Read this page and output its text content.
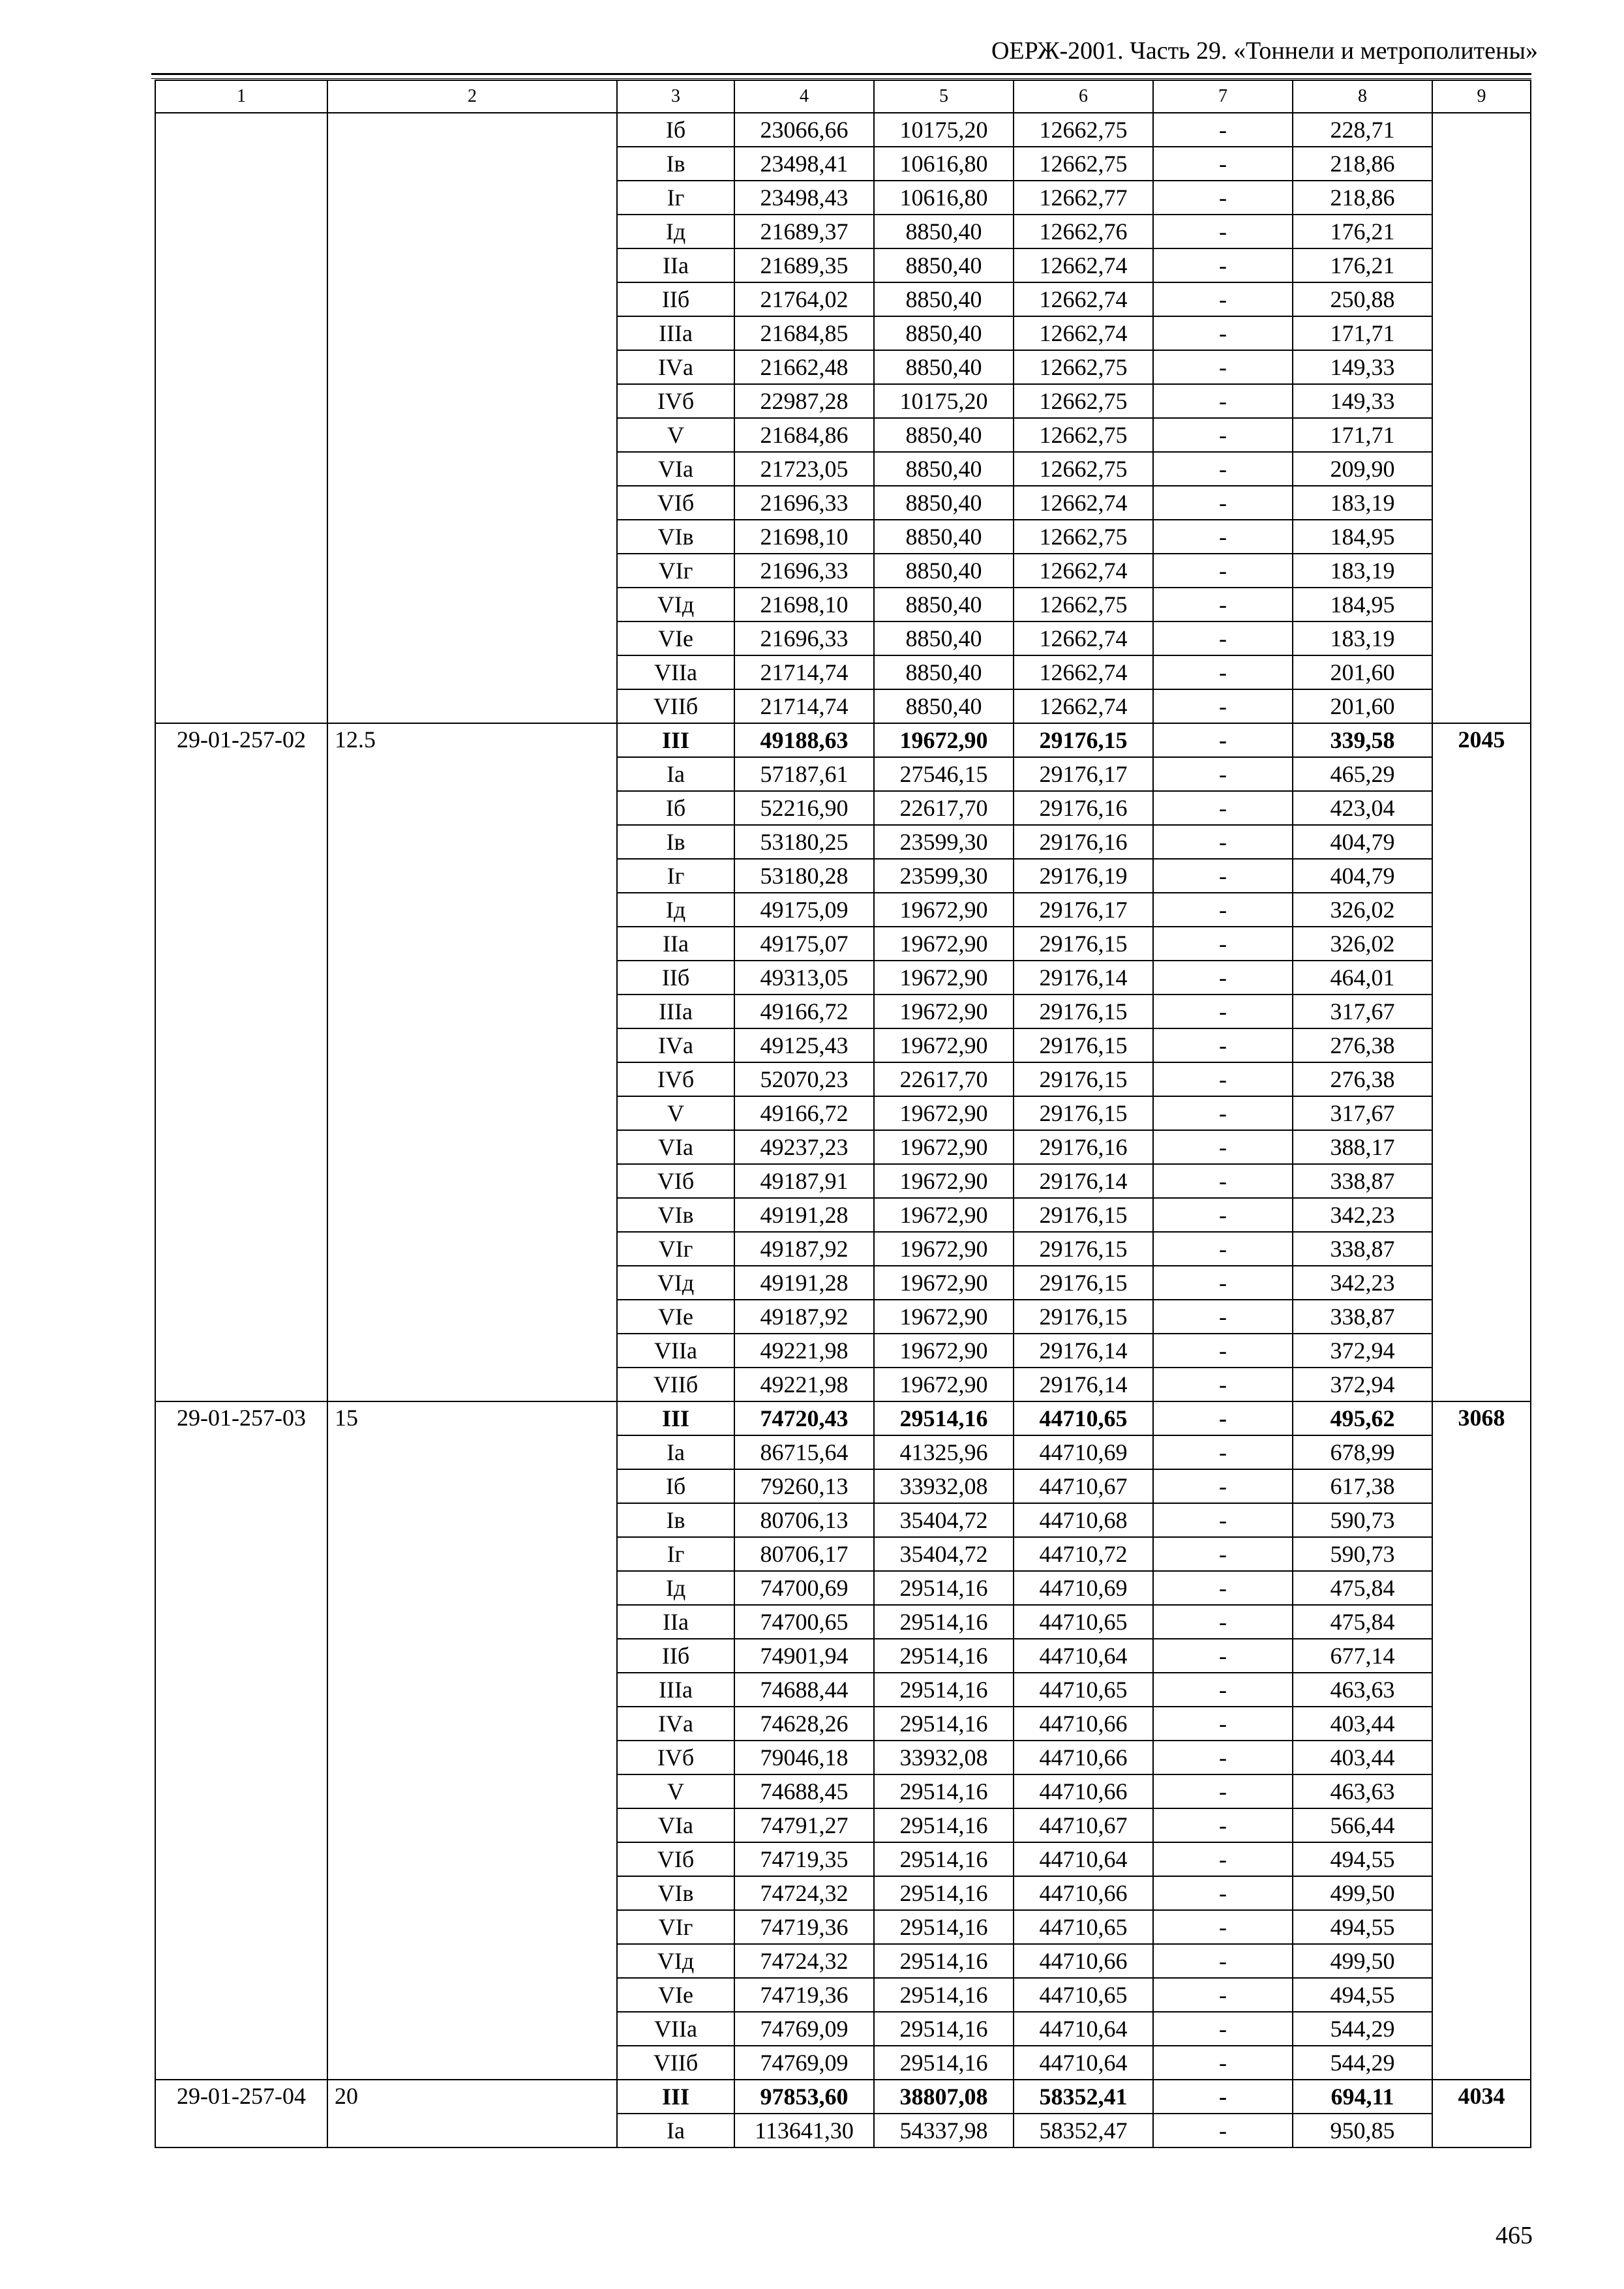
ОЕРЖ-2001. Часть 29. «Тоннели и метрополитены»
1	2	3	4	5	6	7	8	9
		Iб	23066,66	10175,20	12662,75	-	228,71	
		Iв	23498,41	10616,80	12662,75	-	218,86	
		Iг	23498,43	10616,80	12662,77	-	218,86	
		Iд	21689,37	8850,40	12662,76	-	176,21	
		IIа	21689,35	8850,40	12662,74	-	176,21	
		IIб	21764,02	8850,40	12662,74	-	250,88	
		IIIа	21684,85	8850,40	12662,74	-	171,71	
		IVа	21662,48	8850,40	12662,75	-	149,33	
		IVб	22987,28	10175,20	12662,75	-	149,33	
		V	21684,86	8850,40	12662,75	-	171,71	
		VIа	21723,05	8850,40	12662,75	-	209,90	
		VIб	21696,33	8850,40	12662,74	-	183,19	
		VIв	21698,10	8850,40	12662,75	-	184,95	
		VIг	21696,33	8850,40	12662,74	-	183,19	
		VIд	21698,10	8850,40	12662,75	-	184,95	
		VIе	21696,33	8850,40	12662,74	-	183,19	
		VIIа	21714,74	8850,40	12662,74	-	201,60	
		VIIб	21714,74	8850,40	12662,74	-	201,60	
29-01-257-02	12.5	III	49188,63	19672,90	29176,15	-	339,58	2045
		Iа	57187,61	27546,15	29176,17	-	465,29	
		Iб	52216,90	22617,70	29176,16	-	423,04	
		Iв	53180,25	23599,30	29176,16	-	404,79	
		Iг	53180,28	23599,30	29176,19	-	404,79	
		Iд	49175,09	19672,90	29176,17	-	326,02	
		IIа	49175,07	19672,90	29176,15	-	326,02	
		IIб	49313,05	19672,90	29176,14	-	464,01	
		IIIа	49166,72	19672,90	29176,15	-	317,67	
		IVа	49125,43	19672,90	29176,15	-	276,38	
		IVб	52070,23	22617,70	29176,15	-	276,38	
		V	49166,72	19672,90	29176,15	-	317,67	
		VIа	49237,23	19672,90	29176,16	-	388,17	
		VIб	49187,91	19672,90	29176,14	-	338,87	
		VIв	49191,28	19672,90	29176,15	-	342,23	
		VIг	49187,92	19672,90	29176,15	-	338,87	
		VIд	49191,28	19672,90	29176,15	-	342,23	
		VIе	49187,92	19672,90	29176,15	-	338,87	
		VIIа	49221,98	19672,90	29176,14	-	372,94	
		VIIб	49221,98	19672,90	29176,14	-	372,94	
29-01-257-03	15	III	74720,43	29514,16	44710,65	-	495,62	3068
		Iа	86715,64	41325,96	44710,69	-	678,99	
		Iб	79260,13	33932,08	44710,67	-	617,38	
		Iв	80706,13	35404,72	44710,68	-	590,73	
		Iг	80706,17	35404,72	44710,72	-	590,73	
		Iд	74700,69	29514,16	44710,69	-	475,84	
		IIа	74700,65	29514,16	44710,65	-	475,84	
		IIб	74901,94	29514,16	44710,64	-	677,14	
		IIIа	74688,44	29514,16	44710,65	-	463,63	
		IVа	74628,26	29514,16	44710,66	-	403,44	
		IVб	79046,18	33932,08	44710,66	-	403,44	
		V	74688,45	29514,16	44710,66	-	463,63	
		VIа	74791,27	29514,16	44710,67	-	566,44	
		VIб	74719,35	29514,16	44710,64	-	494,55	
		VIв	74724,32	29514,16	44710,66	-	499,50	
		VIг	74719,36	29514,16	44710,65	-	494,55	
		VIд	74724,32	29514,16	44710,66	-	499,50	
		VIе	74719,36	29514,16	44710,65	-	494,55	
		VIIа	74769,09	29514,16	44710,64	-	544,29	
		VIIб	74769,09	29514,16	44710,64	-	544,29	
29-01-257-04	20	III	97853,60	38807,08	58352,41	-	694,11	4034
		Iа	113641,30	54337,98	58352,47	-	950,85	
465
